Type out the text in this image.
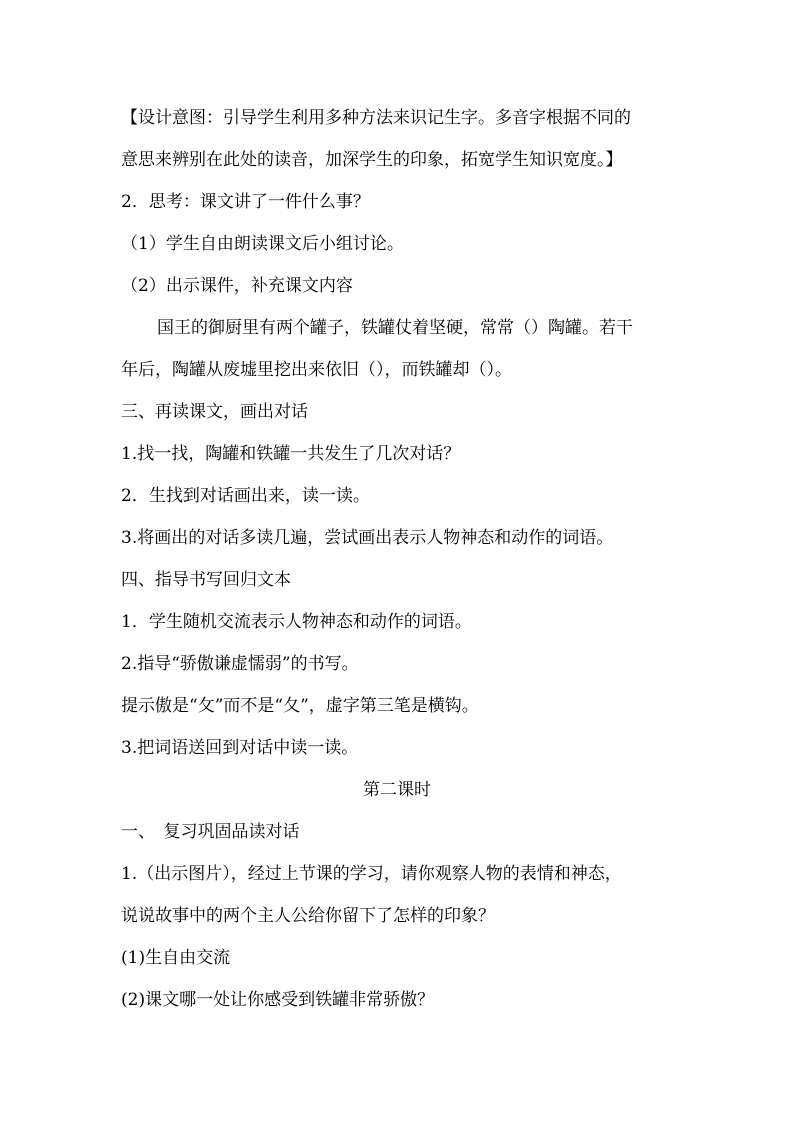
【设计意图：引导学生利用多种方法来识记生字。多音字根据不同的
意思来辨别在此处的读音，加深学生的印象，拓宽学生知识宽度。】
2．思考：课文讲了一件什么事？
（1）学生自由朗读课文后小组讨论。
（2）出示课件，补充课文内容
国王的御厨里有两个罐子，铁罐仗着坚硬，常常（）陶罐。若干
年后，陶罐从废墟里挖出来依旧（），而铁罐却（）。
三、再读课文，画出对话
1.找一找，陶罐和铁罐一共发生了几次对话？
2．生找到对话画出来，读一读。
3.将画出的对话多读几遍，尝试画出表示人物神态和动作的词语。
四、指导书写回归文本
1．学生随机交流表示人物神态和动作的词语。
2.指导“骄傲谦虚懦弱”的书写。
提示傲是“攵”而不是“夂”，虚字第三笔是横钩。
3.把词语送回到对话中读一读。
第二课时
一、　复习巩固品读对话
1.（出示图片），经过上节课的学习，请你观察人物的表情和神态，
说说故事中的两个主人公给你留下了怎样的印象？
(1)生自由交流
(2)课文哪一处让你感受到铁罐非常骄傲？
